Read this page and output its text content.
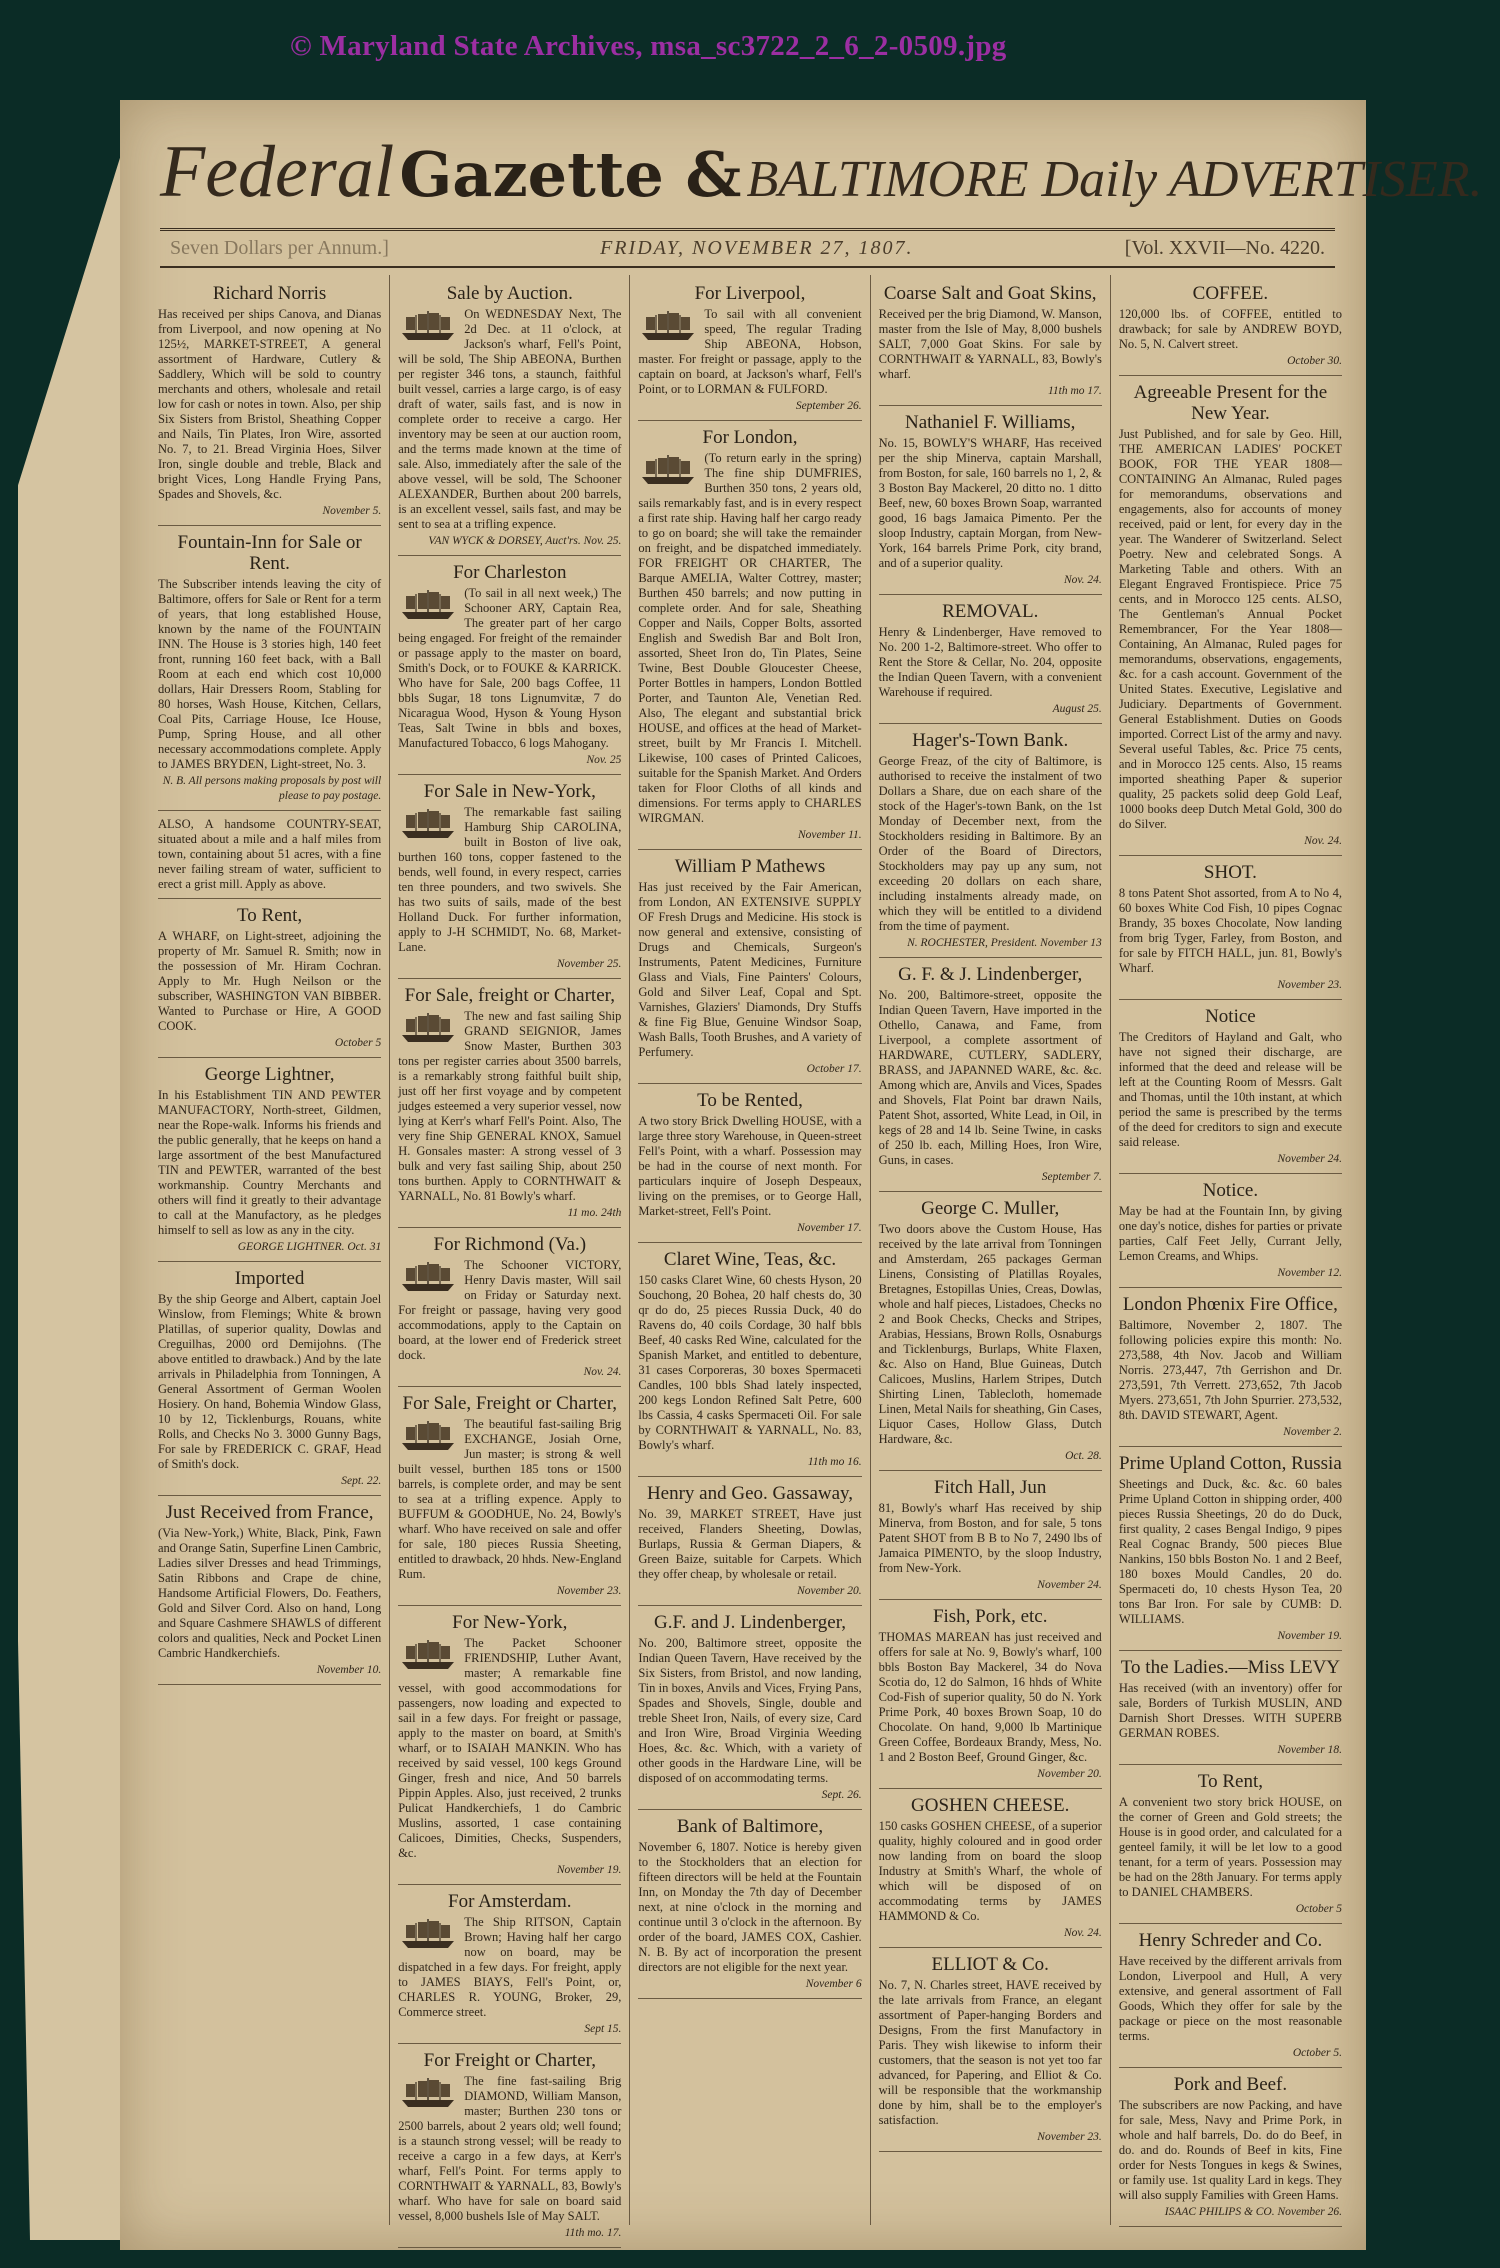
© Maryland State Archives, msa_sc3722_2_6_2-0509.jpg
Federal Gazette & BALTIMORE Daily ADVERTISER.
Seven Dollars per Annum.]	FRIDAY, NOVEMBER 27, 1807.	[Vol. XXVII—No. 4220.
Richard Norris

Has received per ships Canova, and Dianas from Liverpool, and now opening at No 125½, MARKET-STREET, A general assortment of Hardware, Cutlery & Saddlery, Which will be sold to country merchants and others, wholesale and retail low for cash or notes in town. Also, per ship Six Sisters from Bristol, Sheathing Copper and Nails, Tin Plates, Iron Wire, assorted No. 7, to 21. Bread Virginia Hoes, Silver Iron, single double and treble, Black and bright Vices, Long Handle Frying Pans, Spades and Shovels, &c.

November 5.
Fountain-Inn for Sale or Rent.

The Subscriber intends leaving the city of Baltimore, offers for Sale or Rent for a term of years, that long established House, known by the name of the FOUNTAIN INN. The House is 3 stories high, 140 feet front, running 160 feet back, with a Ball Room at each end which cost 10,000 dollars, Hair Dressers Room, Stabling for 80 horses, Wash House, Kitchen, Cellars, Coal Pits, Carriage House, Ice House, Pump, Spring House, and all other necessary accommodations complete. Apply to JAMES BRYDEN, Light-street, No. 3.

N. B. All persons making proposals by post will please to pay postage.

ALSO, A handsome COUNTRY-SEAT, situated about a mile and a half miles from town, containing about 51 acres, with a fine never failing stream of water, sufficient to erect a grist mill. Apply as above.

To Rent,

A WHARF, on Light-street, adjoining the property of Mr. Samuel R. Smith; now in the possession of Mr. Hiram Cochran. Apply to Mr. Hugh Neilson or the subscriber, WASHINGTON VAN BIBBER. Wanted to Purchase or Hire, A GOOD COOK.

October 5
George Lightner,

In his Establishment TIN AND PEWTER MANUFACTORY, North-street, Gildmen, near the Rope-walk. Informs his friends and the public generally, that he keeps on hand a large assortment of the best Manufactured TIN and PEWTER, warranted of the best workmanship. Country Merchants and others will find it greatly to their advantage to call at the Manufactory, as he pledges himself to sell as low as any in the city.

GEORGE LIGHTNER. Oct. 31
Imported

By the ship George and Albert, captain Joel Winslow, from Flemings; White & brown Platillas, of superior quality, Dowlas and Creguilhas, 2000 ord Demijohns. (The above entitled to drawback.) And by the late arrivals in Philadelphia from Tonningen, A General Assortment of German Woolen Hosiery. On hand, Bohemia Window Glass, 10 by 12, Ticklenburgs, Rouans, white Rolls, and Checks No 3. 3000 Gunny Bags, For sale by FREDERICK C. GRAF, Head of Smith's dock.

Sept. 22.
Just Received from France,

(Via New-York,) White, Black, Pink, Fawn and Orange Satin, Superfine Linen Cambric, Ladies silver Dresses and head Trimmings, Satin Ribbons and Crape de chine, Handsome Artificial Flowers, Do. Feathers, Gold and Silver Cord. Also on hand, Long and Square Cashmere SHAWLS of different colors and qualities, Neck and Pocket Linen Cambric Handkerchiefs.

November 10.
Sale by Auction.

On WEDNESDAY Next, The 2d Dec. at 11 o'clock, at Jackson's wharf, Fell's Point, will be sold, The Ship ABEONA, Burthen per register 346 tons, a staunch, faithful built vessel, carries a large cargo, is of easy draft of water, sails fast, and is now in complete order to receive a cargo. Her inventory may be seen at our auction room, and the terms made known at the time of sale. Also, immediately after the sale of the above vessel, will be sold, The Schooner ALEXANDER, Burthen about 200 barrels, is an excellent vessel, sails fast, and may be sent to sea at a trifling expence.

VAN WYCK & DORSEY, Auct'rs. Nov. 25.
For Charleston

(To sail in all next week,) The Schooner ARY, Captain Rea, The greater part of her cargo being engaged. For freight of the remainder or passage apply to the master on board, Smith's Dock, or to FOUKE & KARRICK. Who have for Sale, 200 bags Coffee, 11 bbls Sugar, 18 tons Lignumvitæ, 7 do Nicaragua Wood, Hyson & Young Hyson Teas, Salt Twine in bbls and boxes, Manufactured Tobacco, 6 logs Mahogany.

Nov. 25
For Sale in New-York,

The remarkable fast sailing Hamburg Ship CAROLINA, built in Boston of live oak, burthen 160 tons, copper fastened to the bends, well found, in every respect, carries ten three pounders, and two swivels. She has two suits of sails, made of the best Holland Duck. For further information, apply to J-H SCHMIDT, No. 68, Market-Lane.

November 25.
For Sale, freight or Charter,

The new and fast sailing Ship GRAND SEIGNIOR, James Snow Master, Burthen 303 tons per register carries about 3500 barrels, is a remarkably strong faithful built ship, just off her first voyage and by competent judges esteemed a very superior vessel, now lying at Kerr's wharf Fell's Point. Also, The very fine Ship GENERAL KNOX, Samuel H. Gonsales master: A strong vessel of 3 bulk and very fast sailing Ship, about 250 tons burthen. Apply to CORNTHWAIT & YARNALL, No. 81 Bowly's wharf.

11 mo. 24th
For Richmond (Va.)

The Schooner VICTORY, Henry Davis master, Will sail on Friday or Saturday next. For freight or passage, having very good accommodations, apply to the Captain on board, at the lower end of Frederick street dock.

Nov. 24.
For Sale, Freight or Charter,

The beautiful fast-sailing Brig EXCHANGE, Josiah Orne, Jun master; is strong & well built vessel, burthen 185 tons or 1500 barrels, is complete order, and may be sent to sea at a trifling expence. Apply to BUFFUM & GOODHUE, No. 24, Bowly's wharf. Who have received on sale and offer for sale, 180 pieces Russia Sheeting, entitled to drawback, 20 hhds. New-England Rum.

November 23.
For New-York,

The Packet Schooner FRIENDSHIP, Luther Avant, master; A remarkable fine vessel, with good accommodations for passengers, now loading and expected to sail in a few days. For freight or passage, apply to the master on board, at Smith's wharf, or to ISAIAH MANKIN. Who has received by said vessel, 100 kegs Ground Ginger, fresh and nice, And 50 barrels Pippin Apples. Also, just received, 2 trunks Pulicat Handkerchiefs, 1 do Cambric Muslins, assorted, 1 case containing Calicoes, Dimities, Checks, Suspenders, &c.

November 19.
For Amsterdam.

The Ship RITSON, Captain Brown; Having half her cargo now on board, may be dispatched in a few days. For freight, apply to JAMES BIAYS, Fell's Point, or, CHARLES R. YOUNG, Broker, 29, Commerce street.

Sept 15.
For Freight or Charter,

The fine fast-sailing Brig DIAMOND, William Manson, master; Burthen 230 tons or 2500 barrels, about 2 years old; well found; is a staunch strong vessel; will be ready to receive a cargo in a few days, at Kerr's wharf, Fell's Point. For terms apply to CORNTHWAIT & YARNALL, 83, Bowly's wharf. Who have for sale on board said vessel, 8,000 bushels Isle of May SALT.

11th mo. 17.
For Liverpool,

To sail with all convenient speed, The regular Trading Ship ABEONA, Hobson, master. For freight or passage, apply to the captain on board, at Jackson's wharf, Fell's Point, or to LORMAN & FULFORD.

September 26.
For London,

(To return early in the spring) The fine ship DUMFRIES, Burthen 350 tons, 2 years old, sails remarkably fast, and is in every respect a first rate ship. Having half her cargo ready to go on board; she will take the remainder on freight, and be dispatched immediately. FOR FREIGHT OR CHARTER, The Barque AMELIA, Walter Cottrey, master; Burthen 450 barrels; and now putting in complete order. And for sale, Sheathing Copper and Nails, Copper Bolts, assorted English and Swedish Bar and Bolt Iron, assorted, Sheet Iron do, Tin Plates, Seine Twine, Best Double Gloucester Cheese, Porter Bottles in hampers, London Bottled Porter, and Taunton Ale, Venetian Red. Also, The elegant and substantial brick HOUSE, and offices at the head of Market-street, built by Mr Francis I. Mitchell. Likewise, 100 cases of Printed Calicoes, suitable for the Spanish Market. And Orders taken for Floor Cloths of all kinds and dimensions. For terms apply to CHARLES WIRGMAN.

November 11.
William P Mathews

Has just received by the Fair American, from London, AN EXTENSIVE SUPPLY OF Fresh Drugs and Medicine. His stock is now general and extensive, consisting of Drugs and Chemicals, Surgeon's Instruments, Patent Medicines, Furniture Glass and Vials, Fine Painters' Colours, Gold and Silver Leaf, Copal and Spt. Varnishes, Glaziers' Diamonds, Dry Stuffs & fine Fig Blue, Genuine Windsor Soap, Wash Balls, Tooth Brushes, and A variety of Perfumery.

October 17.
To be Rented,

A two story Brick Dwelling HOUSE, with a large three story Warehouse, in Queen-street Fell's Point, with a wharf. Possession may be had in the course of next month. For particulars inquire of Joseph Despeaux, living on the premises, or to George Hall, Market-street, Fell's Point.

November 17.
Claret Wine, Teas, &c.

150 casks Claret Wine, 60 chests Hyson, 20 Souchong, 20 Bohea, 20 half chests do, 30 qr do do, 25 pieces Russia Duck, 40 do Ravens do, 40 coils Cordage, 30 half bbls Beef, 40 casks Red Wine, calculated for the Spanish Market, and entitled to debenture, 31 cases Corporeras, 30 boxes Spermaceti Candles, 100 bbls Shad lately inspected, 200 kegs London Refined Salt Petre, 600 lbs Cassia, 4 casks Spermaceti Oil. For sale by CORNTHWAIT & YARNALL, No. 83, Bowly's wharf.

11th mo 16.
Henry and Geo. Gassaway,

No. 39, MARKET STREET, Have just received, Flanders Sheeting, Dowlas, Burlaps, Russia & German Diapers, & Green Baize, suitable for Carpets. Which they offer cheap, by wholesale or retail.

November 20.
G.F. and J. Lindenberger,

No. 200, Baltimore street, opposite the Indian Queen Tavern, Have received by the Six Sisters, from Bristol, and now landing, Tin in boxes, Anvils and Vices, Frying Pans, Spades and Shovels, Single, double and treble Sheet Iron, Nails, of every size, Card and Iron Wire, Broad Virginia Weeding Hoes, &c. &c. Which, with a variety of other goods in the Hardware Line, will be disposed of on accommodating terms.

Sept. 26.
Bank of Baltimore,

November 6, 1807. Notice is hereby given to the Stockholders that an election for fifteen directors will be held at the Fountain Inn, on Monday the 7th day of December next, at nine o'clock in the morning and continue until 3 o'clock in the afternoon. By order of the board, JAMES COX, Cashier. N. B. By act of incorporation the present directors are not eligible for the next year.

November 6
Coarse Salt and Goat Skins,

Received per the brig Diamond, W. Manson, master from the Isle of May, 8,000 bushels SALT, 7,000 Goat Skins. For sale by CORNTHWAIT & YARNALL, 83, Bowly's wharf.

11th mo 17.
Nathaniel F. Williams,

No. 15, BOWLY'S WHARF, Has received per the ship Minerva, captain Marshall, from Boston, for sale, 160 barrels no 1, 2, & 3 Boston Bay Mackerel, 20 ditto no. 1 ditto Beef, new, 60 boxes Brown Soap, warranted good, 16 bags Jamaica Pimento. Per the sloop Industry, captain Morgan, from New-York, 164 barrels Prime Pork, city brand, and of a superior quality.

Nov. 24.
REMOVAL.

Henry & Lindenberger, Have removed to No. 200 1-2, Baltimore-street. Who offer to Rent the Store & Cellar, No. 204, opposite the Indian Queen Tavern, with a convenient Warehouse if required.

August 25.
Hager's-Town Bank.

George Freaz, of the city of Baltimore, is authorised to receive the instalment of two Dollars a Share, due on each share of the stock of the Hager's-town Bank, on the 1st Monday of December next, from the Stockholders residing in Baltimore. By an Order of the Board of Directors, Stockholders may pay up any sum, not exceeding 20 dollars on each share, including instalments already made, on which they will be entitled to a dividend from the time of payment.

N. ROCHESTER, President. November 13
G. F. & J. Lindenberger,

No. 200, Baltimore-street, opposite the Indian Queen Tavern, Have imported in the Othello, Canawa, and Fame, from Liverpool, a complete assortment of HARDWARE, CUTLERY, SADLERY, BRASS, and JAPANNED WARE, &c. &c. Among which are, Anvils and Vices, Spades and Shovels, Flat Point bar drawn Nails, Patent Shot, assorted, White Lead, in Oil, in kegs of 28 and 14 lb. Seine Twine, in casks of 250 lb. each, Milling Hoes, Iron Wire, Guns, in cases.

September 7.
George C. Muller,

Two doors above the Custom House, Has received by the late arrival from Tonningen and Amsterdam, 265 packages German Linens, Consisting of Platillas Royales, Bretagnes, Estopillas Unies, Creas, Dowlas, whole and half pieces, Listadoes, Checks no 2 and Book Checks, Checks and Stripes, Arabias, Hessians, Brown Rolls, Osnaburgs and Ticklenburgs, Burlaps, White Flaxen, &c. Also on Hand, Blue Guineas, Dutch Calicoes, Muslins, Harlem Stripes, Dutch Shirting Linen, Tablecloth, homemade Linen, Metal Nails for sheathing, Gin Cases, Liquor Cases, Hollow Glass, Dutch Hardware, &c.

Oct. 28.
Fitch Hall, Jun

81, Bowly's wharf Has received by ship Minerva, from Boston, and for sale, 5 tons Patent SHOT from B B to No 7, 2490 lbs of Jamaica PIMENTO, by the sloop Industry, from New-York.

November 24.
Fish, Pork, etc.

THOMAS MAREAN has just received and offers for sale at No. 9, Bowly's wharf, 100 bbls Boston Bay Mackerel, 34 do Nova Scotia do, 12 do Salmon, 16 hhds of White Cod-Fish of superior quality, 50 do N. York Prime Pork, 40 boxes Brown Soap, 10 do Chocolate. On hand, 9,000 lb Martinique Green Coffee, Bordeaux Brandy, Mess, No. 1 and 2 Boston Beef, Ground Ginger, &c.

November 20.
GOSHEN CHEESE.

150 casks GOSHEN CHEESE, of a superior quality, highly coloured and in good order now landing from on board the sloop Industry at Smith's Wharf, the whole of which will be disposed of on accommodating terms by JAMES HAMMOND & Co.

Nov. 24.
ELLIOT & Co.

No. 7, N. Charles street, HAVE received by the late arrivals from France, an elegant assortment of Paper-hanging Borders and Designs, From the first Manufactory in Paris. They wish likewise to inform their customers, that the season is not yet too far advanced, for Papering, and Elliot & Co. will be responsible that the workmanship done by him, shall be to the employer's satisfaction.

November 23.
COFFEE.

120,000 lbs. of COFFEE, entitled to drawback; for sale by ANDREW BOYD, No. 5, N. Calvert street.

October 30.
Agreeable Present for the New Year.

Just Published, and for sale by Geo. Hill, THE AMERICAN LADIES' POCKET BOOK, FOR THE YEAR 1808—CONTAINING An Almanac, Ruled pages for memorandums, observations and engagements, also for accounts of money received, paid or lent, for every day in the year. The Wanderer of Switzerland. Select Poetry. New and celebrated Songs. A Marketing Table and others. With an Elegant Engraved Frontispiece. Price 75 cents, and in Morocco 125 cents. ALSO, The Gentleman's Annual Pocket Remembrancer, For the Year 1808—Containing, An Almanac, Ruled pages for memorandums, observations, engagements, &c. for a cash account. Government of the United States. Executive, Legislative and Judiciary. Departments of Government. General Establishment. Duties on Goods imported. Correct List of the army and navy. Several useful Tables, &c. Price 75 cents, and in Morocco 125 cents. Also, 15 reams imported sheathing Paper & superior quality, 25 packets solid deep Gold Leaf, 1000 books deep Dutch Metal Gold, 300 do do Silver.

Nov. 24.
SHOT.

8 tons Patent Shot assorted, from A to No 4, 60 boxes White Cod Fish, 10 pipes Cognac Brandy, 35 boxes Chocolate, Now landing from brig Tyger, Farley, from Boston, and for sale by FITCH HALL, jun. 81, Bowly's Wharf.

November 23.
Notice

The Creditors of Hayland and Galt, who have not signed their discharge, are informed that the deed and release will be left at the Counting Room of Messrs. Galt and Thomas, until the 10th instant, at which period the same is prescribed by the terms of the deed for creditors to sign and execute said release.

November 24.
Notice.

May be had at the Fountain Inn, by giving one day's notice, dishes for parties or private parties, Calf Feet Jelly, Currant Jelly, Lemon Creams, and Whips.

November 12.
London Phœnix Fire Office,

Baltimore, November 2, 1807. The following policies expire this month: No. 273,588, 4th Nov. Jacob and William Norris. 273,447, 7th Gerrishon and Dr. 273,591, 7th Verrett. 273,652, 7th Jacob Myers. 273,651, 7th John Spurrier. 273,532, 8th. DAVID STEWART, Agent.

November 2.
Prime Upland Cotton, Russia

Sheetings and Duck, &c. &c. 60 bales Prime Upland Cotton in shipping order, 400 pieces Russia Sheetings, 20 do do Duck, first quality, 2 cases Bengal Indigo, 9 pipes Real Cognac Brandy, 500 pieces Blue Nankins, 150 bbls Boston No. 1 and 2 Beef, 180 boxes Mould Candles, 20 do. Spermaceti do, 10 chests Hyson Tea, 20 tons Bar Iron. For sale by CUMB: D. WILLIAMS.

November 19.
To the Ladies.—Miss LEVY

Has received (with an inventory) offer for sale, Borders of Turkish MUSLIN, AND Darnish Short Dresses. WITH SUPERB GERMAN ROBES.

November 18.
To Rent,

A convenient two story brick HOUSE, on the corner of Green and Gold streets; the House is in good order, and calculated for a genteel family, it will be let low to a good tenant, for a term of years. Possession may be had on the 28th January. For terms apply to DANIEL CHAMBERS.

October 5
Henry Schreder and Co.

Have received by the different arrivals from London, Liverpool and Hull, A very extensive, and general assortment of Fall Goods, Which they offer for sale by the package or piece on the most reasonable terms.

October 5.
Pork and Beef.

The subscribers are now Packing, and have for sale, Mess, Navy and Prime Pork, in whole and half barrels, Do. do do Beef, in do. and do. Rounds of Beef in kits, Fine order for Nests Tongues in kegs & Swines, or family use. 1st quality Lard in kegs. They will also supply Families with Green Hams.

ISAAC PHILIPS & CO. November 26.
